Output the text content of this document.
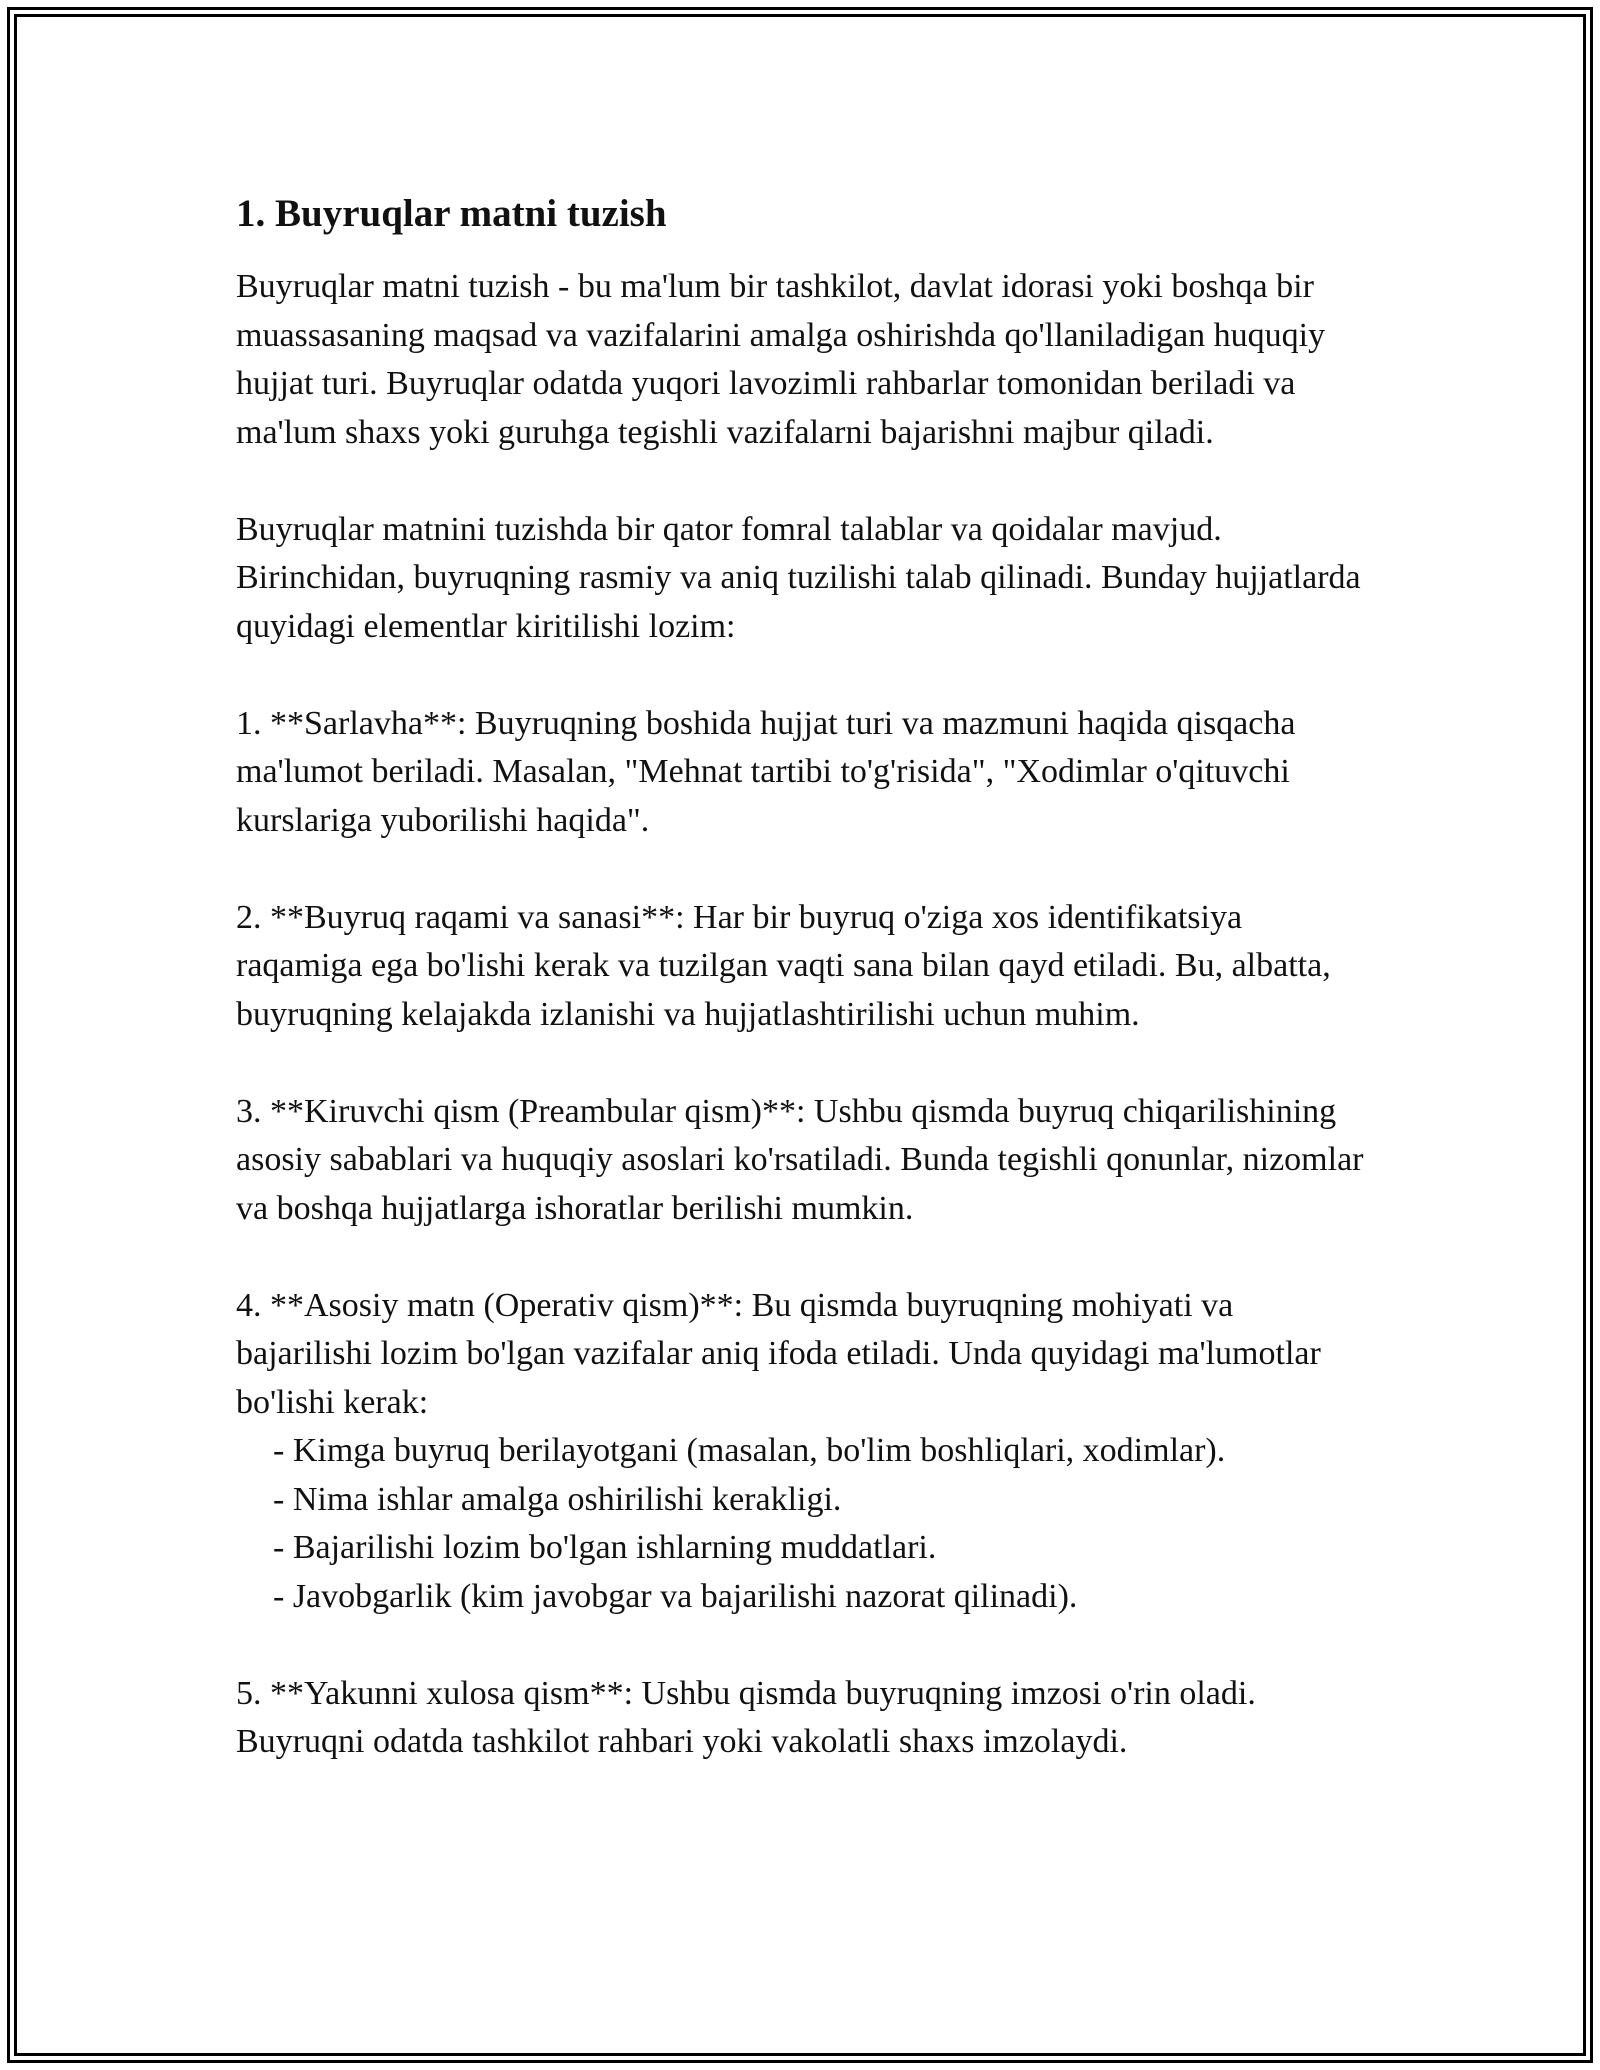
1. Buyruqlar matni tuzish

Buyruqlar matni tuzish - bu ma'lum bir tashkilot, davlat idorasi yoki boshqa bir muassasaning maqsad va vazifalarini amalga oshirishda qo'llaniladigan huquqiy hujjat turi. Buyruqlar odatda yuqori lavozimli rahbarlar tomonidan beriladi va ma'lum shaxs yoki guruhga tegishli vazifalarni bajarishni majbur qiladi.

Buyruqlar matnini tuzishda bir qator fomral talablar va qoidalar mavjud. Birinchidan, buyruqning rasmiy va aniq tuzilishi talab qilinadi. Bunday hujjatlarda quyidagi elementlar kiritilishi lozim:

1. **Sarlavha**: Buyruqning boshida hujjat turi va mazmuni haqida qisqacha ma'lumot beriladi. Masalan, "Mehnat tartibi to'g'risida", "Xodimlar o'qituvchi kurslariga yuborilishi haqida".

2. **Buyruq raqami va sanasi**: Har bir buyruq o'ziga xos identifikatsiya raqamiga ega bo'lishi kerak va tuzilgan vaqti sana bilan qayd etiladi. Bu, albatta, buyruqning kelajakda izlanishi va hujjatlashtirilishi uchun muhim.

3. **Kiruvchi qism (Preambular qism)**: Ushbu qismda buyruq chiqarilishining asosiy sabablari va huquqiy asoslari ko'rsatiladi. Bunda tegishli qonunlar, nizomlar va boshqa hujjatlarga ishoratlar berilishi mumkin.

4. **Asosiy matn (Operativ qism)**: Bu qismda buyruqning mohiyati va bajarilishi lozim bo'lgan vazifalar aniq ifoda etiladi. Unda quyidagi ma'lumotlar bo'lishi kerak:

- Kimga buyruq berilayotgani (masalan, bo'lim boshliqlari, xodimlar).
- Nima ishlar amalga oshirilishi kerakligi.
- Bajarilishi lozim bo'lgan ishlarning muddatlari.
- Javobgarlik (kim javobgar va bajarilishi nazorat qilinadi).

5. **Yakunni xulosa qism**: Ushbu qismda buyruqning imzosi o'rin oladi. Buyruqni odatda tashkilot rahbari yoki vakolatli shaxs imzolaydi.
